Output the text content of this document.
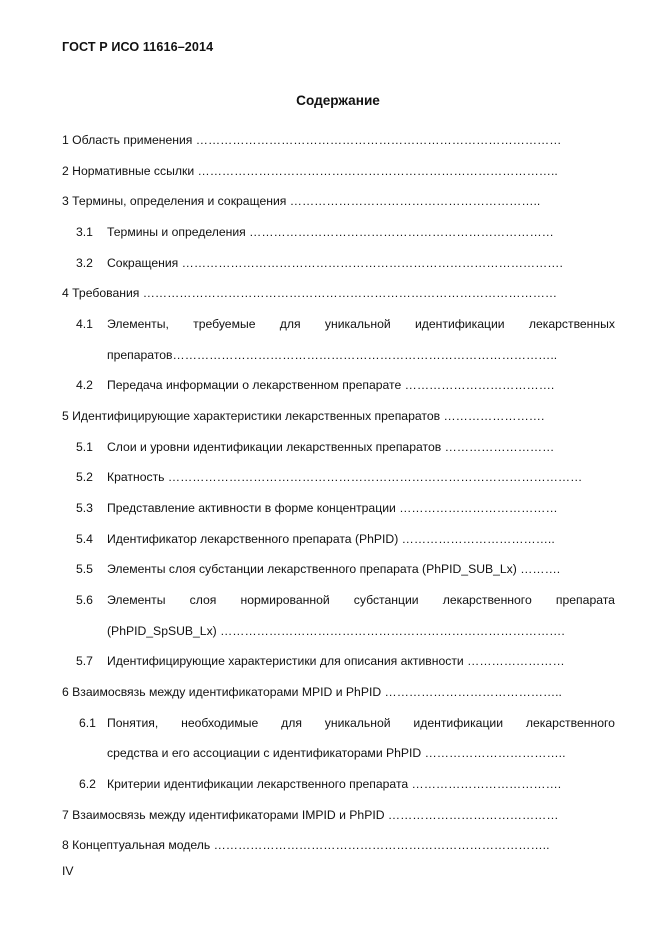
ГОСТ Р ИСО 11616–2014
Содержание
1 Область применения ………………………………………………………………………………
2 Нормативные ссылки ……………………………………………………………………………..
3 Термины, определения и сокращения ……………………………………………………..
3.1 Термины и определения …………………………………………………………………
3.2 Сокращения ………………………………………………………………………………….
4 Требования …………………………………………………………………………………………
4.1 Элементы, требуемые для уникальной идентификации лекарственных
препаратов…………………………………………………………………………………..
4.2 Передача информации о лекарственном препарате ……………………………….
5 Идентифицирующие характеристики лекарственных препаратов …………………….
5.1 Слои и уровни идентификации лекарственных препаратов ………………………
5.2 Кратность …………………………………………………………………………………………
5.3 Представление активности в форме концентрации …………………………………
5.4 Идентификатор лекарственного препарата (PhPID) ………………………………..
5.5 Элементы слоя субстанции лекарственного препарата (PhPID_SUB_Lx) ……….
5.6 Элементы слоя нормированной субстанции лекарственного препарата
(PhPID_SpSUB_Lx) ………………………………………………………………………….
5.7 Идентифицирующие характеристики для описания активности ……………………
6 Взаимосвязь между идентификаторами MPID и PhPID ……………………………………..
6.1 Понятия, необходимые для уникальной идентификации лекарственного
средства и его ассоциации с идентификаторами PhPID ……………………………..
6.2 Критерии идентификации лекарственного препарата ……………………………….
7 Взаимосвязь между идентификаторами IMPID и PhPID ……………………………………
8 Концептуальная модель ………………………………………………………………………..
IV
